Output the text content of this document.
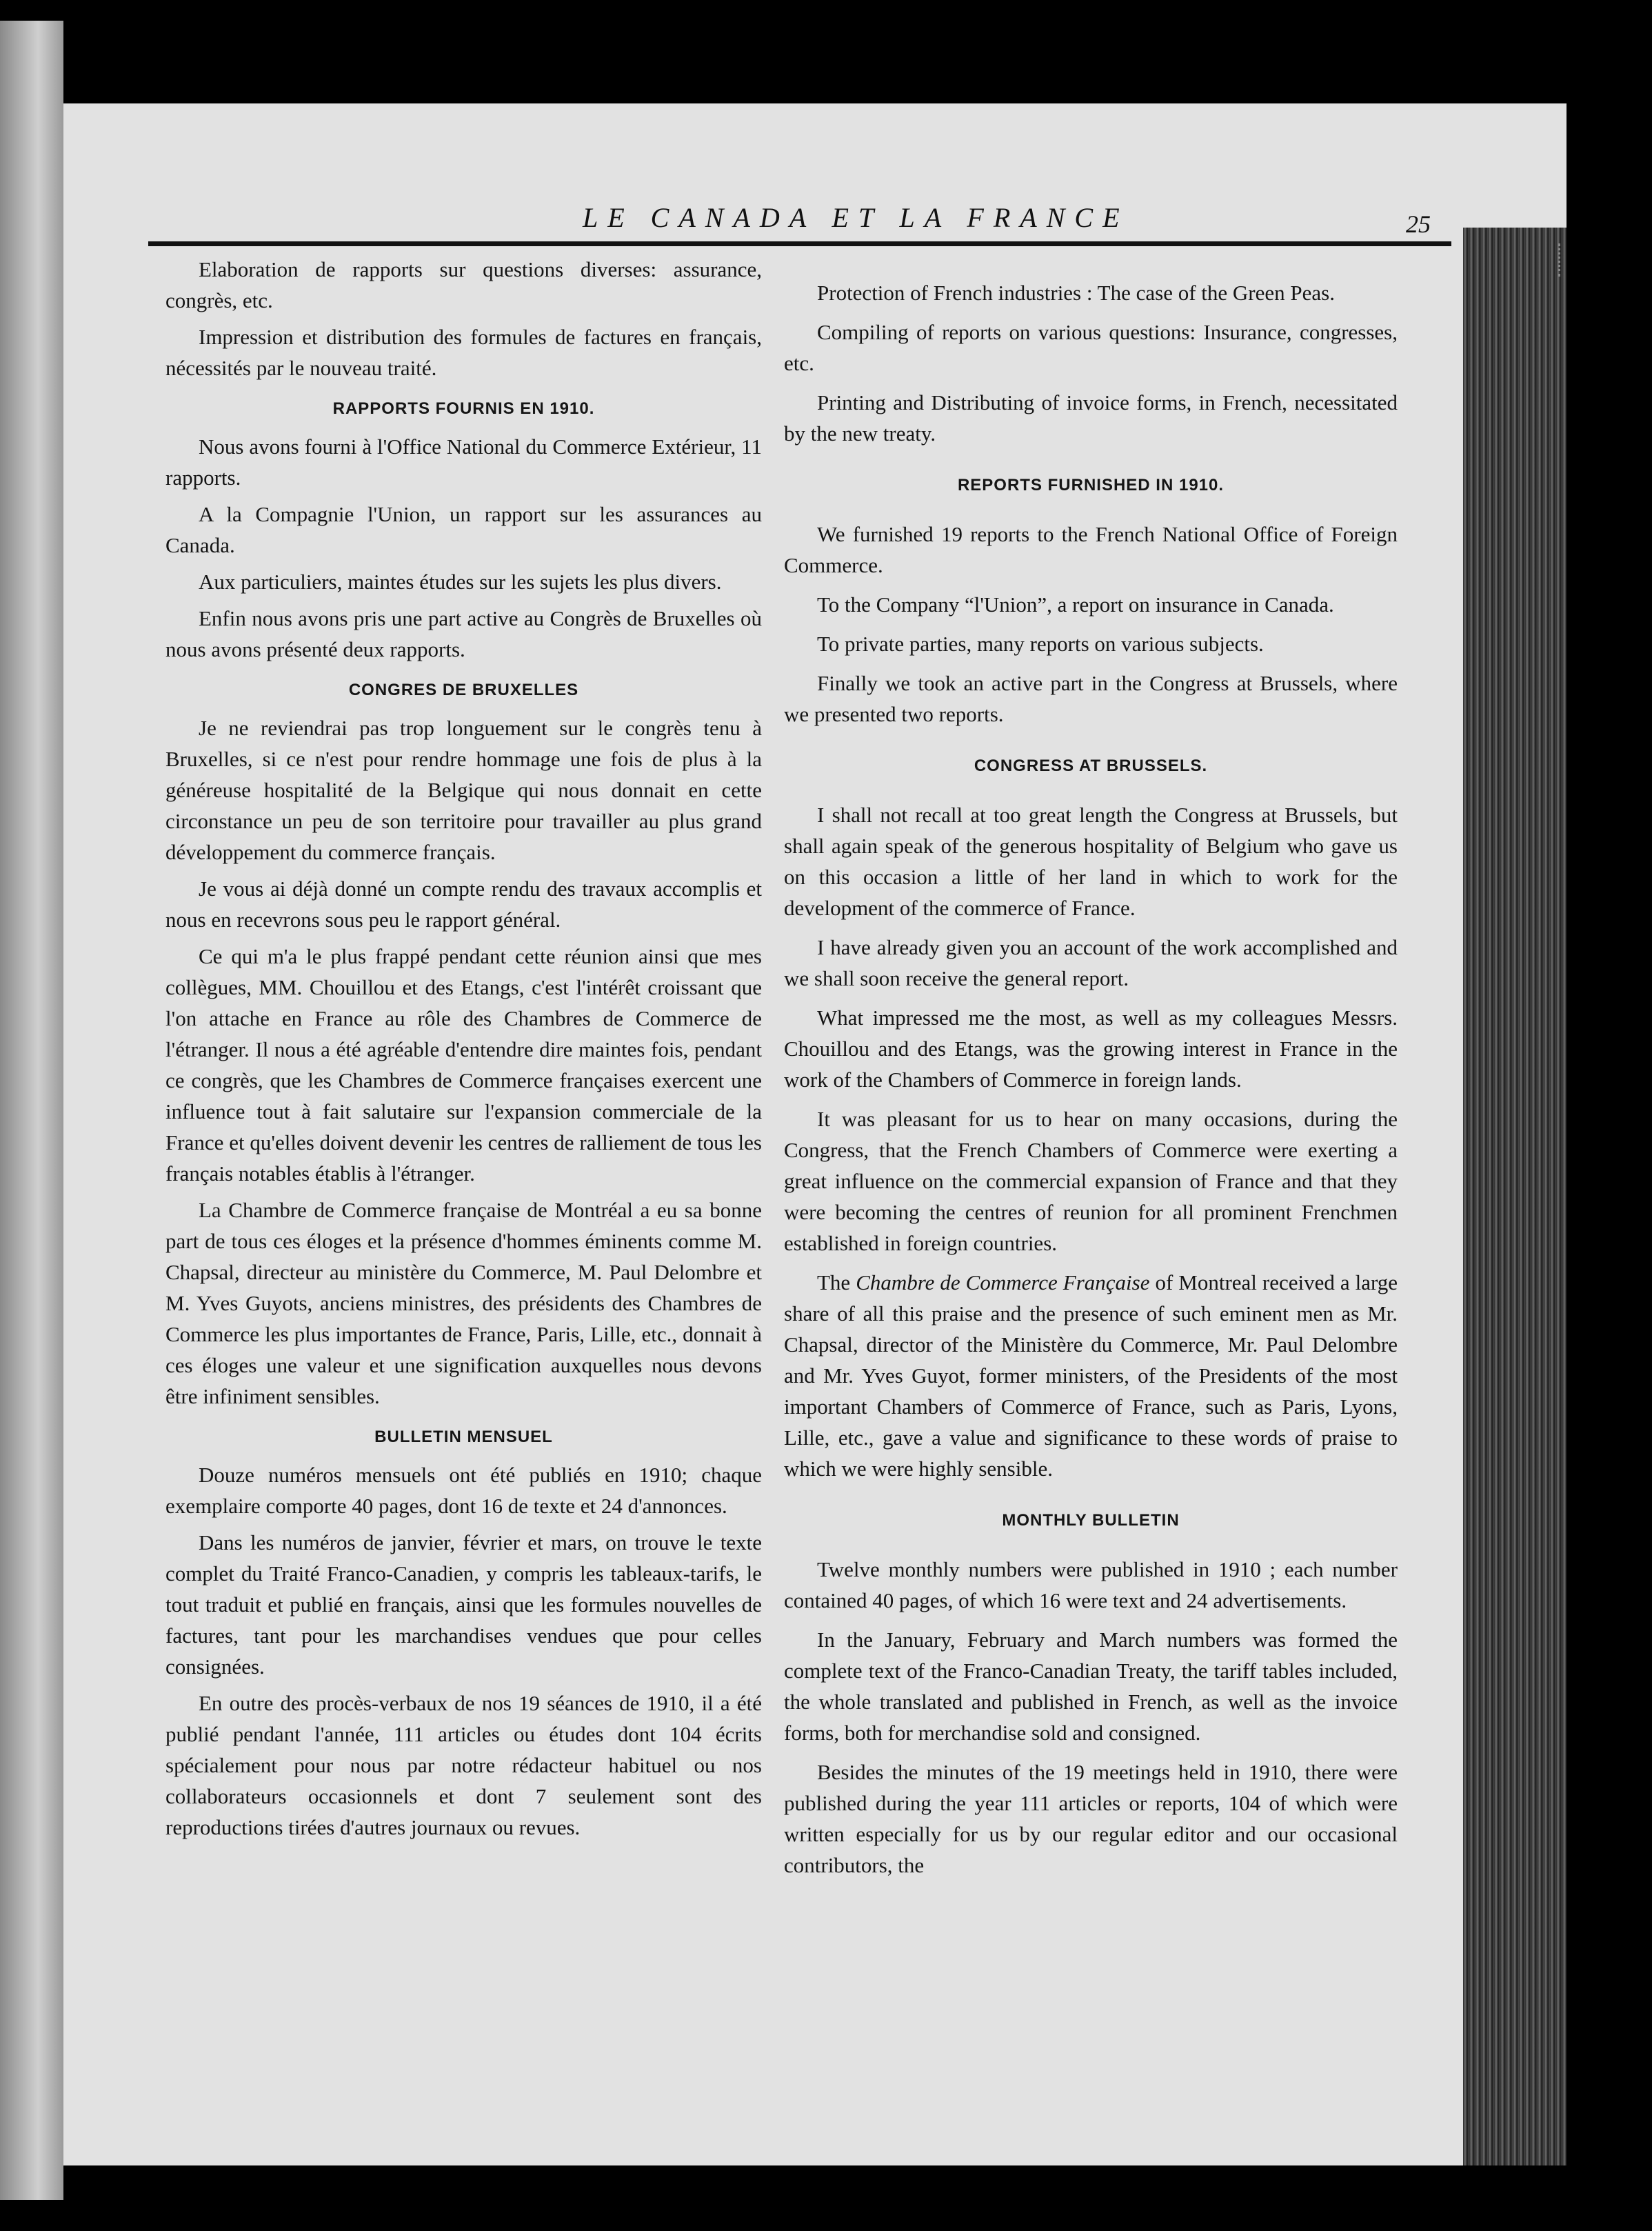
LE CANADA ET LA FRANCE	25

Elaboration de rapports sur questions diverses: assurance, congrès, etc.

Impression et distribution des formules de factures en français, nécessités par le nouveau traité.

RAPPORTS FOURNIS EN 1910.

Nous avons fourni à l'Office National du Commerce Extérieur, 11 rapports.

A la Compagnie l'Union, un rapport sur les assurances au Canada.

Aux particuliers, maintes études sur les sujets les plus divers.

Enfin nous avons pris une part active au Congrès de Bruxelles où nous avons présenté deux rapports.

CONGRES DE BRUXELLES

Je ne reviendrai pas trop longuement sur le congrès tenu à Bruxelles, si ce n'est pour rendre hommage une fois de plus à la généreuse hospitalité de la Belgique qui nous donnait en cette circonstance un peu de son territoire pour travailler au plus grand développement du commerce français.

Je vous ai déjà donné un compte rendu des travaux accomplis et nous en recevrons sous peu le rapport général.

Ce qui m'a le plus frappé pendant cette réunion ainsi que mes collègues, MM. Chouillou et des Etangs, c'est l'intérêt croissant que l'on attache en France au rôle des Chambres de Commerce de l'étranger. Il nous a été agréable d'entendre dire maintes fois, pendant ce congrès, que les Chambres de Commerce françaises exercent une influence tout à fait salutaire sur l'expansion commerciale de la France et qu'elles doivent devenir les centres de ralliement de tous les français notables établis à l'étranger.

La Chambre de Commerce française de Montréal a eu sa bonne part de tous ces éloges et la présence d'hommes éminents comme M. Chapsal, directeur au ministère du Commerce, M. Paul Delombre et M. Yves Guyots, anciens ministres, des présidents des Chambres de Commerce les plus importantes de France, Paris, Lille, etc., donnait à ces éloges une valeur et une signification auxquelles nous devons être infiniment sensibles.

BULLETIN MENSUEL

Douze numéros mensuels ont été publiés en 1910; chaque exemplaire comporte 40 pages, dont 16 de texte et 24 d'annonces.

Dans les numéros de janvier, février et mars, on trouve le texte complet du Traité Franco-Canadien, y compris les tableaux-tarifs, le tout traduit et publié en français, ainsi que les formules nouvelles de factures, tant pour les marchandises vendues que pour celles consignées.

En outre des procès-verbaux de nos 19 séances de 1910, il a été publié pendant l'année, 111 articles ou études dont 104 écrits spécialement pour nous par notre rédacteur habituel ou nos collaborateurs occasionnels et dont 7 seulement sont des reproductions tirées d'autres journaux ou revues.

Protection of French industries : The case of the Green Peas.

Compiling of reports on various questions: Insurance, congresses, etc.

Printing and Distributing of invoice forms, in French, necessitated by the new treaty.

REPORTS FURNISHED IN 1910.

We furnished 19 reports to the French National Office of Foreign Commerce.

To the Company “l'Union”, a report on insurance in Canada.

To private parties, many reports on various subjects.

Finally we took an active part in the Congress at Brussels, where we presented two reports.

CONGRESS AT BRUSSELS.

I shall not recall at too great length the Congress at Brussels, but shall again speak of the generous hospitality of Belgium who gave us on this occasion a little of her land in which to work for the development of the commerce of France.

I have already given you an account of the work accomplished and we shall soon receive the general report.

What impressed me the most, as well as my colleagues Messrs. Chouillou and des Etangs, was the growing interest in France in the work of the Chambers of Commerce in foreign lands.

It was pleasant for us to hear on many occasions, during the Congress, that the French Chambers of Commerce were exerting a great influence on the commercial expansion of France and that they were becoming the centres of reunion for all prominent Frenchmen established in foreign countries.

The Chambre de Commerce Française of Montreal received a large share of all this praise and the presence of such eminent men as Mr. Chapsal, director of the Ministère du Commerce, Mr. Paul Delombre and Mr. Yves Guyot, former ministers, of the Presidents of the most important Chambers of Commerce of France, such as Paris, Lyons, Lille, etc., gave a value and significance to these words of praise to which we were highly sensible.

MONTHLY BULLETIN

Twelve monthly numbers were published in 1910 ; each number contained 40 pages, of which 16 were text and 24 advertisements.

In the January, February and March numbers was formed the complete text of the Franco-Canadian Treaty, the tariff tables included, the whole translated and published in French, as well as the invoice forms, both for merchandise sold and consigned.

Besides the minutes of the 19 meetings held in 1910, there were published during the year 111 articles or reports, 104 of which were written especially for us by our regular editor and our occasional contributors, the
